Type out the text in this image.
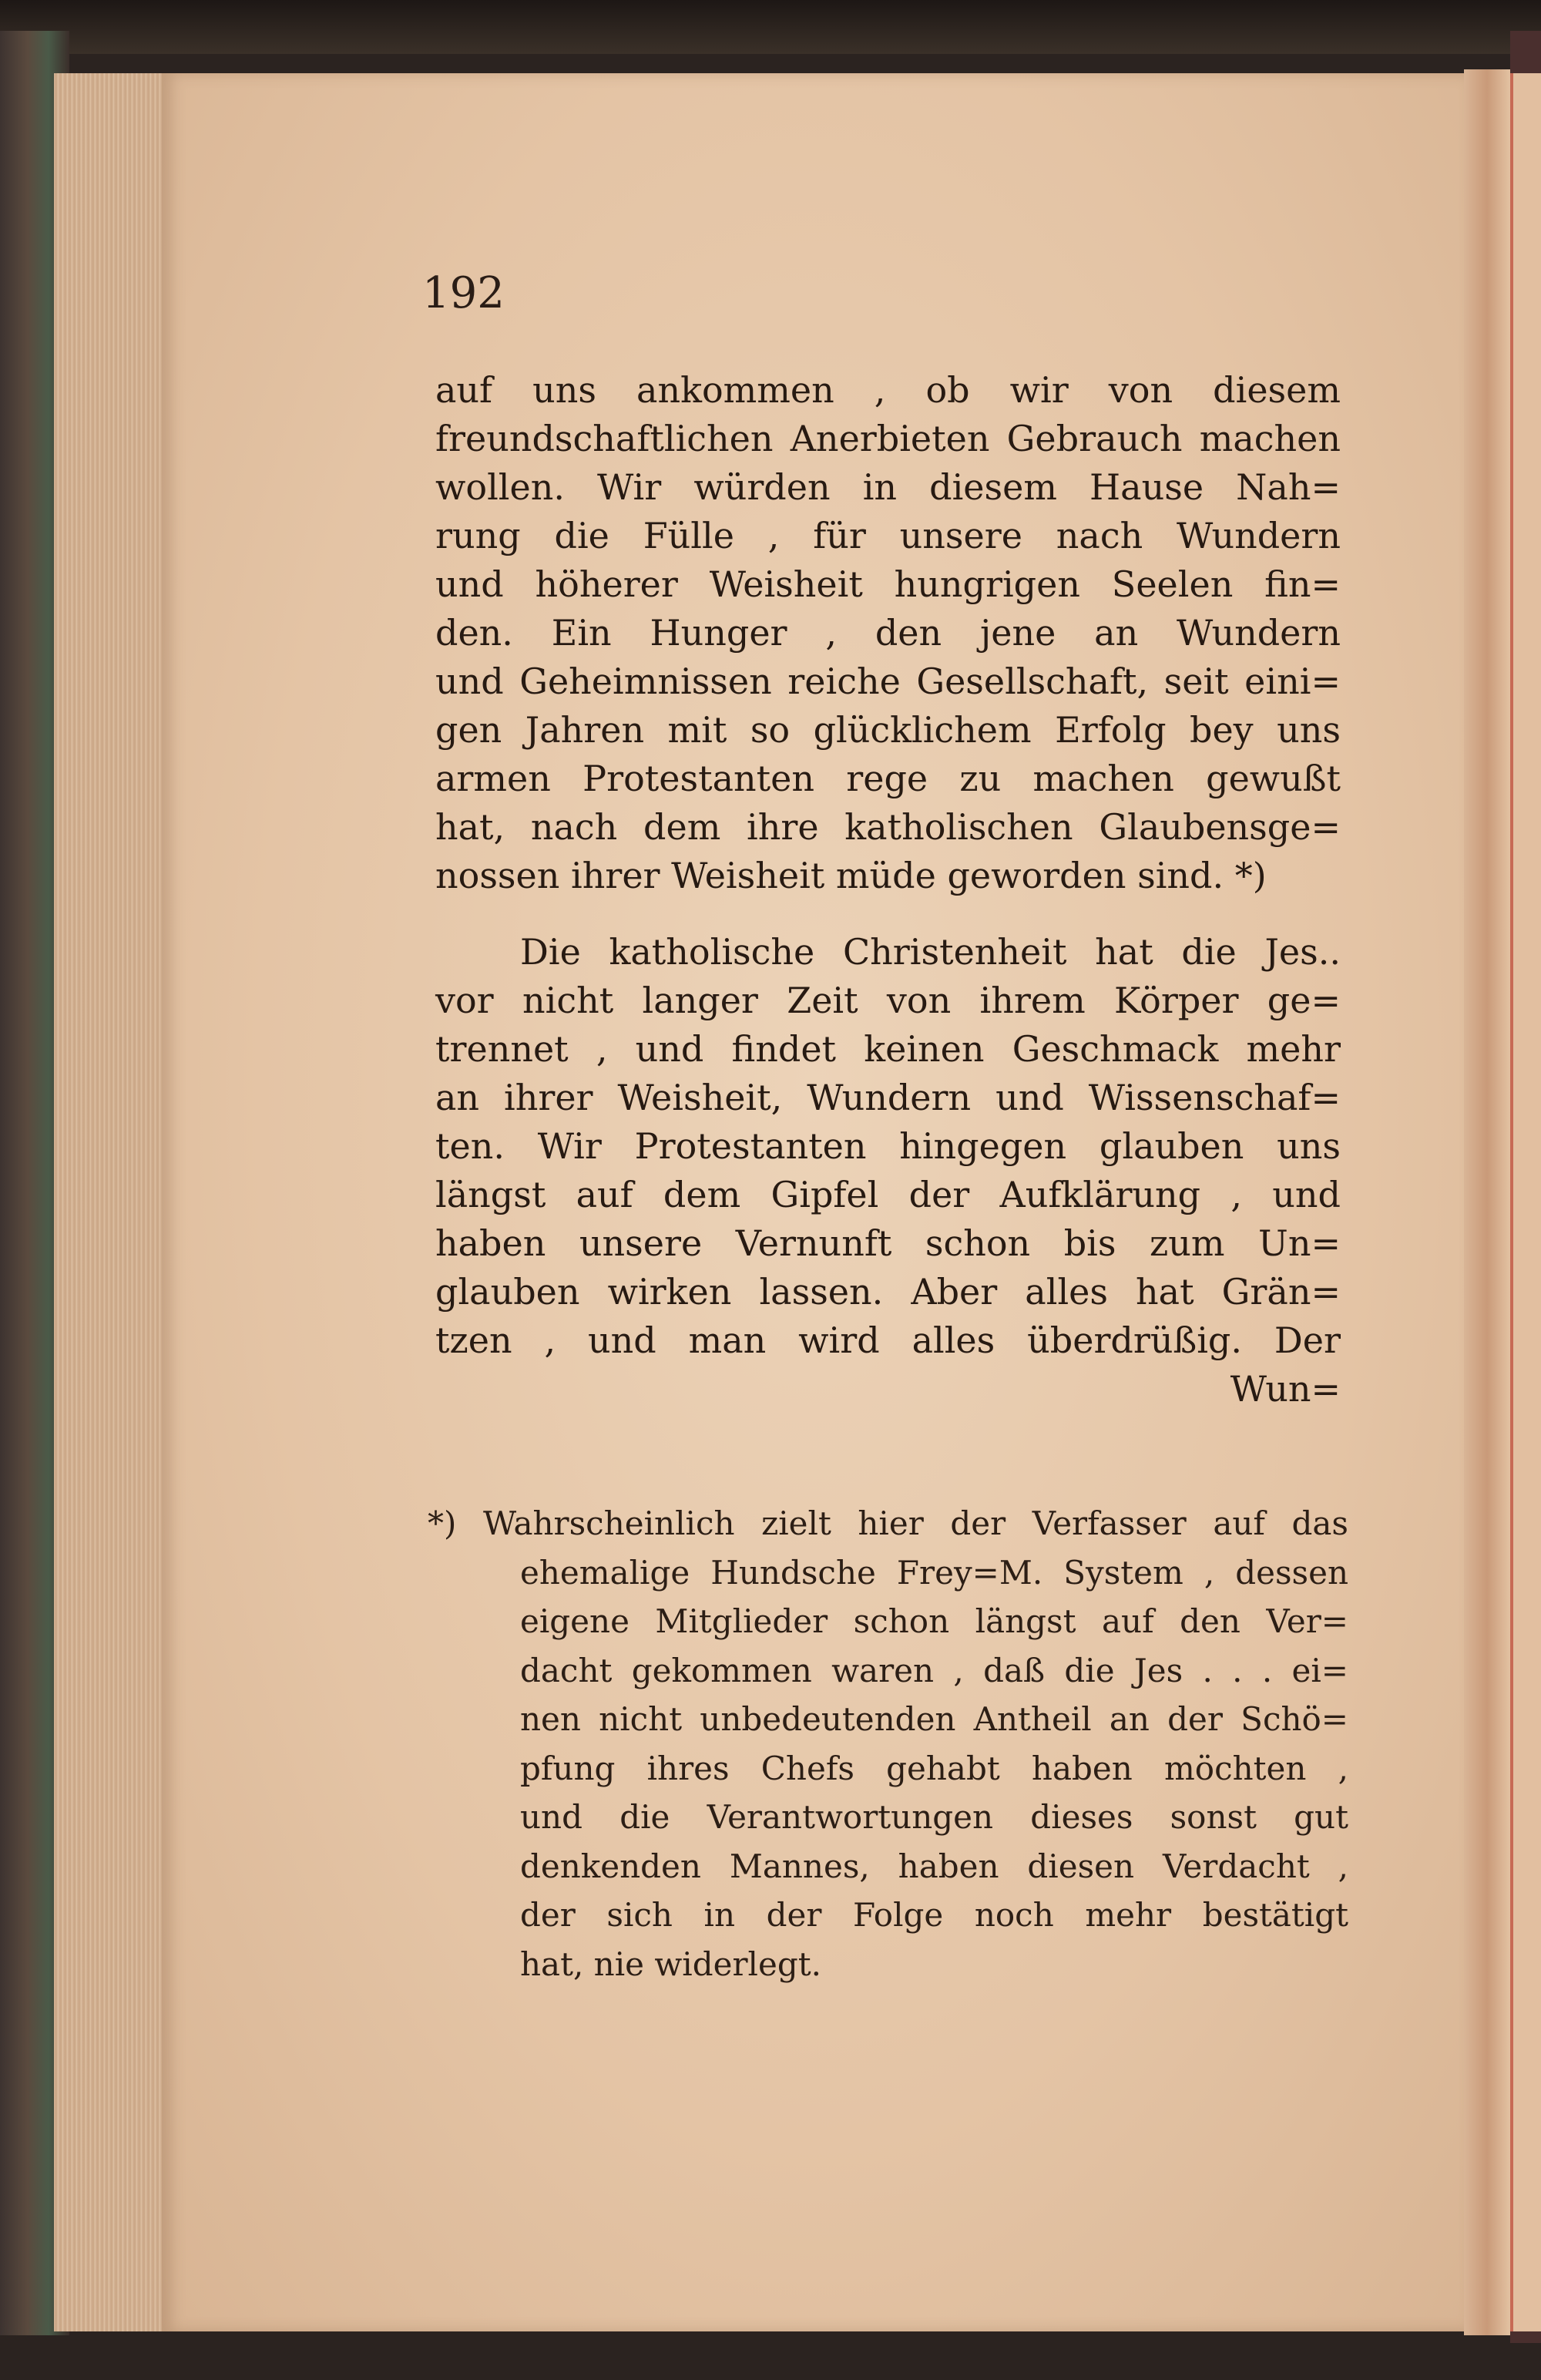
192

auf uns ankommen , ob wir von diesem
freundschaftlichen Anerbieten Gebrauch machen
wollen. Wir würden in diesem Hause Nah=
rung die Fülle , für unsere nach Wundern
und höherer Weisheit hungrigen Seelen fin=
den. Ein Hunger , den jene an Wundern
und Geheimnissen reiche Gesellschaft, seit eini=
gen Jahren mit so glücklichem Erfolg bey uns
armen Protestanten rege zu machen gewußt
hat, nach dem ihre katholischen Glaubensge=
nossen ihrer Weisheit müde geworden sind. *)
Die katholische Christenheit hat die Jes..
vor nicht langer Zeit von ihrem Körper ge=
trennet , und findet keinen Geschmack mehr
an ihrer Weisheit, Wundern und Wissenschaf=
ten. Wir Protestanten hingegen glauben uns
längst auf dem Gipfel der Aufklärung , und
haben unsere Vernunft schon bis zum Un=
glauben wirken lassen. Aber alles hat Grän=
tzen , und man wird alles überdrüßig. Der
Wun=
*) Wahrscheinlich zielt hier der Verfasser auf das
ehemalige Hundsche Frey=M. System , dessen
eigene Mitglieder schon längst auf den Ver=
dacht gekommen waren , daß die Jes . . . ei=
nen nicht unbedeutenden Antheil an der Schö=
pfung ihres Chefs gehabt haben möchten ,
und die Verantwortungen dieses sonst gut
denkenden Mannes, haben diesen Verdacht ,
der sich in der Folge noch mehr bestätigt
hat, nie widerlegt.
